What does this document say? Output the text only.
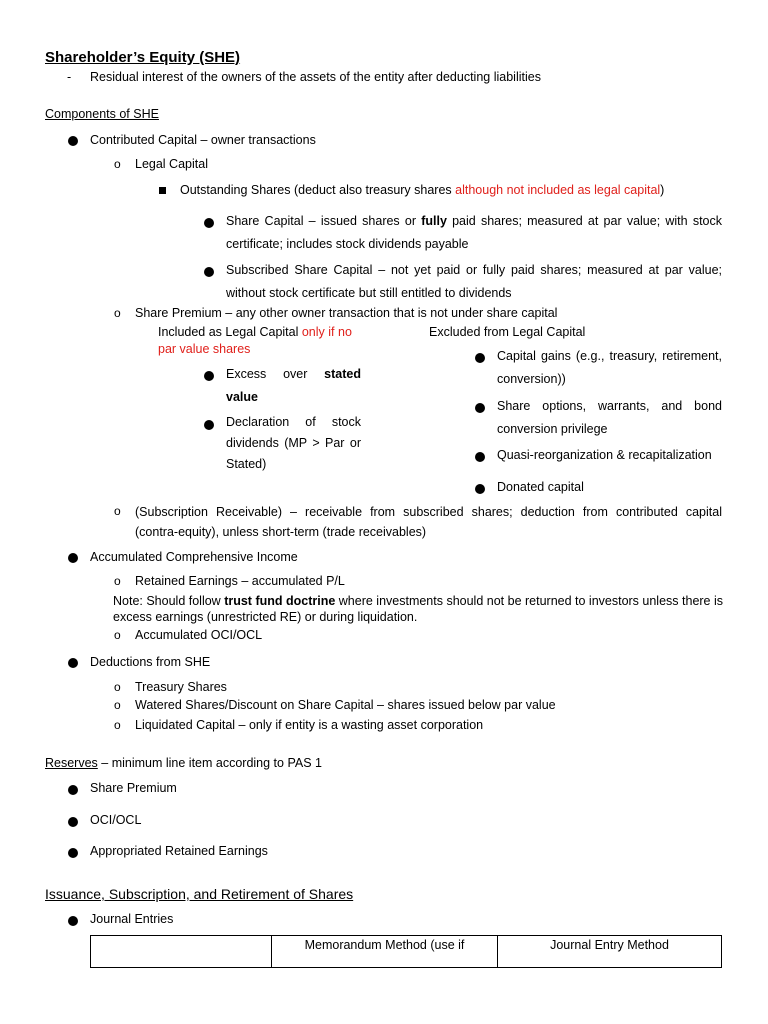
Shareholder’s Equity (SHE)
- Residual interest of the owners of the assets of the entity after deducting liabilities
Components of SHE
Contributed Capital – owner transactions
o Legal Capital
Outstanding Shares (deduct also treasury shares although not included as legal capital)
Share Capital – issued shares or fully paid shares; measured at par value; with stock certificate; includes stock dividends payable
Subscribed Share Capital – not yet paid or fully paid shares; measured at par value; without stock certificate but still entitled to dividends
o Share Premium – any other owner transaction that is not under share capital
Included as Legal Capital only if no par value shares
Excess over stated value
Declaration of stock dividends (MP > Par or Stated)
Excluded from Legal Capital
Capital gains (e.g., treasury, retirement, conversion))
Share options, warrants, and bond conversion privilege
Quasi-reorganization & recapitalization
Donated capital
o (Subscription Receivable) – receivable from subscribed shares; deduction from contributed capital (contra-equity), unless short-term (trade receivables)
Accumulated Comprehensive Income
o Retained Earnings – accumulated P/L
Note: Should follow trust fund doctrine where investments should not be returned to investors unless there is excess earnings (unrestricted RE) or during liquidation.
o Accumulated OCI/OCL
Deductions from SHE
o Treasury Shares
o Watered Shares/Discount on Share Capital – shares issued below par value
o Liquidated Capital – only if entity is a wasting asset corporation
Reserves – minimum line item according to PAS 1
Share Premium
OCI/OCL
Appropriated Retained Earnings
Issuance, Subscription, and Retirement of Shares
Journal Entries
	Memorandum Method (use if	Journal Entry Method
